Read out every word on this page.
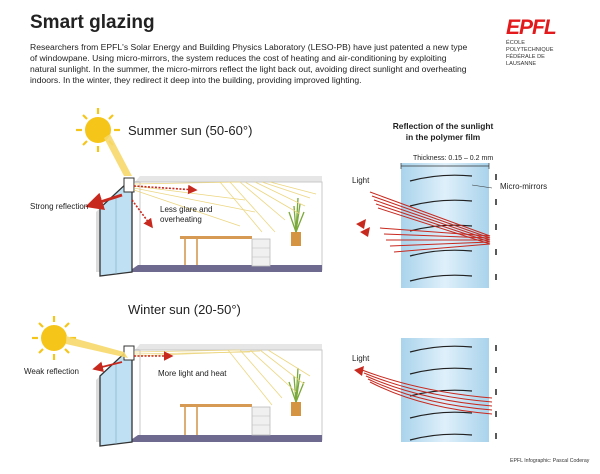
Smart glazing
Researchers from EPFL's Solar Energy and Building Physics Laboratory (LESO-PB) have just patented a new type of windowpane. Using micro-mirrors, the system reduces the cost of heating and air-conditioning by exploiting natural sunlight. In the summer, the micro-mirrors reflect the light back out, avoiding direct sunlight and overheating indoors. In the winter, they redirect it deep into the building, providing improved lighting.
EPFL
ÉCOLE POLYTECHNIQUE
FÉDÉRALE DE LAUSANNE
Summer sun (50-60°)
Strong reflection	Less glare and
overheating
Winter sun (20-50°)
Weak reflection	More light and heat
Reflection of the sunlight
in the polymer film
Thickness: 0.15 – 0.2 mm
Micro-mirrors
Light
Light
EPFL Infographic: Pascal Coderay
